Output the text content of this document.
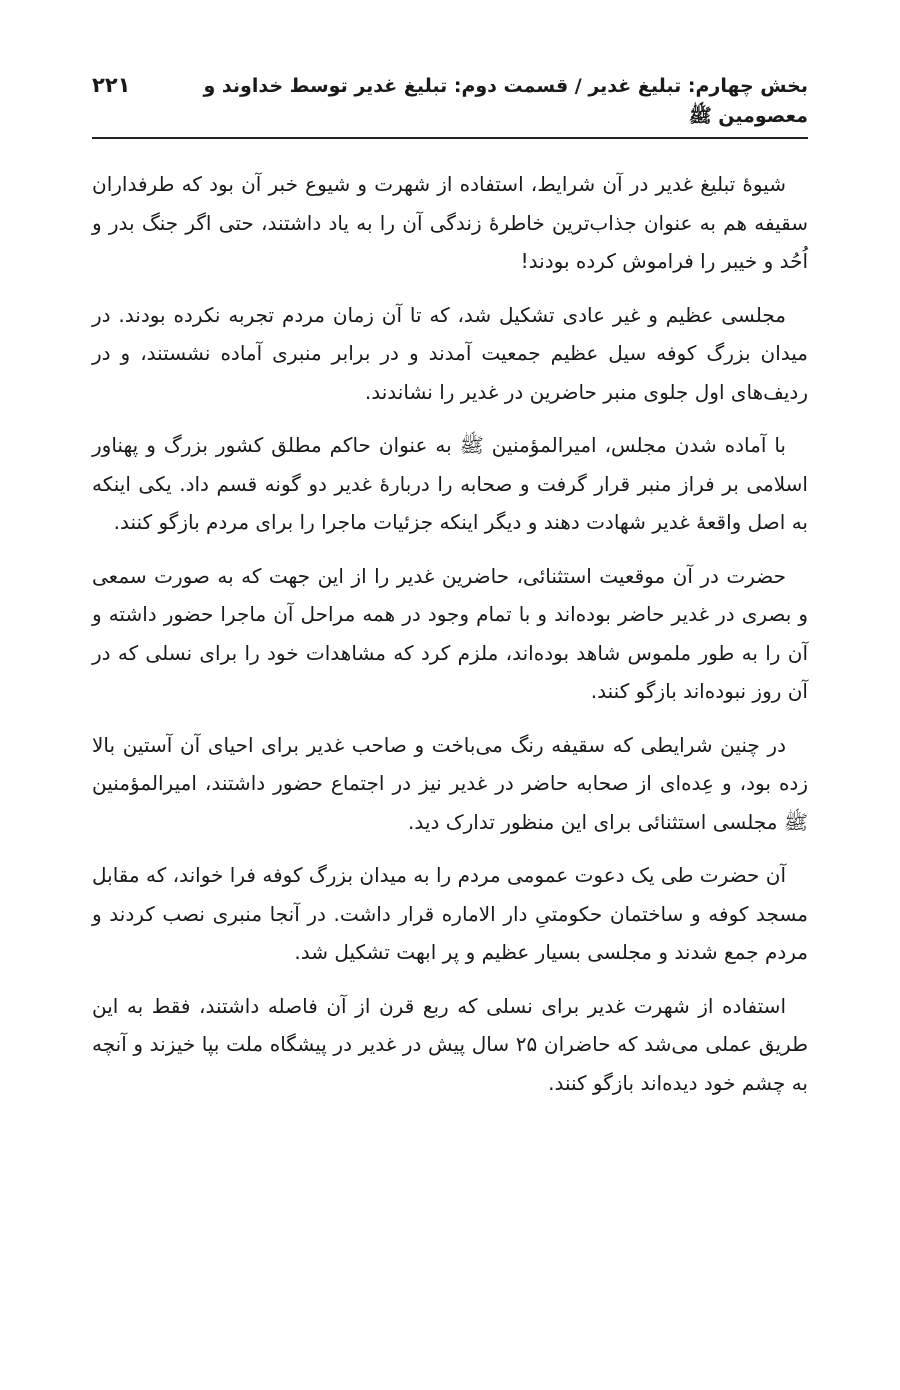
بخش چهارم: تبلیغ غدیر / قسمت دوم: تبلیغ غدیر توسط خداوند و معصومین ﷺ
۲۲۱

شیوۀ تبلیغ غدیر در آن شرایط، استفاده از شهرت و شیوع خبر آن بود که طرفداران سقیفه هم به عنوان جذاب‌ترین خاطرۀ زندگی آن را به یاد داشتند، حتی اگر جنگ بدر و اُحُد و خیبر را فراموش کرده بودند!

مجلسی عظیم و غیر عادی تشکیل شد، که تا آن زمان مردم تجربه نکرده بودند. در میدان بزرگ کوفه سیل عظیم جمعیت آمدند و در برابر منبری آماده نشستند، و در ردیف‌های اول جلوی منبر حاضرین در غدیر را نشاندند.

با آماده شدن مجلس، امیرالمؤمنین ﷺ به عنوان حاکم مطلق کشور بزرگ و پهناور اسلامی بر فراز منبر قرار گرفت و صحابه را دربارۀ غدیر دو گونه قسم داد. یکی اینکه به اصل واقعۀ غدیر شهادت دهند و دیگر اینکه جزئیات ماجرا را برای مردم بازگو کنند.

حضرت در آن موقعیت استثنائی، حاضرین غدیر را از این جهت که به صورت سمعی و بصری در غدیر حاضر بوده‌اند و با تمام وجود در همه مراحل آن ماجرا حضور داشته و آن را به طور ملموس شاهد بوده‌اند، ملزم کرد که مشاهدات خود را برای نسلی که در آن روز نبوده‌اند بازگو کنند.

در چنین شرایطی که سقیفه رنگ می‌باخت و صاحب غدیر برای احیای آن آستین بالا زده بود، و عِده‌ای از صحابه حاضر در غدیر نیز در اجتماع حضور داشتند، امیرالمؤمنین ﷺ مجلسی استثنائی برای این منظور تدارک دید.

آن حضرت طی یک دعوت عمومی مردم را به میدان بزرگ کوفه فرا خواند، که مقابل مسجد کوفه و ساختمان حکومتیِ دار الاماره قرار داشت. در آنجا منبری نصب کردند و مردم جمع شدند و مجلسی بسیار عظیم و پر ابهت تشکیل شد.

استفاده از شهرت غدیر برای نسلی که ربع قرن از آن فاصله داشتند، فقط به این طریق عملی می‌شد که حاضران ۲۵ سال پیش در غدیر در پیشگاه ملت بپا خیزند و آنچه به چشم خود دیده‌اند بازگو کنند.
